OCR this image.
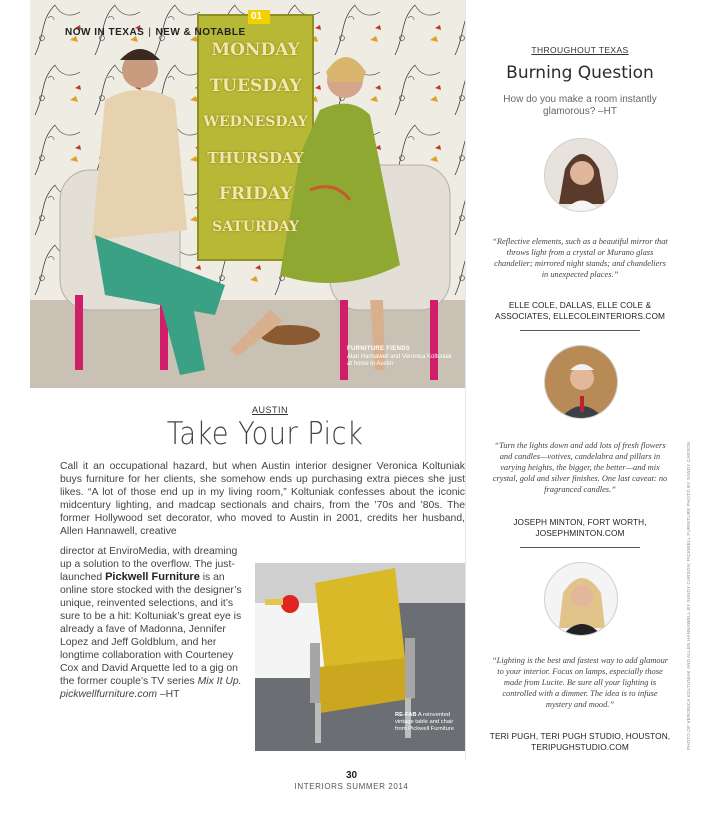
NOW IN TEXAS | NEW & NOTABLE
01
MONDAY
TUESDAY
WEDNESDAY
THURSDAY
FRIDAY
SATURDAY
FURNITURE FIENDS
Alan Hannawell and Veronica Koltuniak at home in Austin
AUSTIN
Take Your Pick

Call it an occupational hazard, but when Austin interior designer Veronica Koltuniak buys furniture for her clients, she somehow ends up purchasing extra pieces she just likes. “A lot of those end up in my living room,” Koltuniak confesses about the iconic midcentury lighting, and madcap sectionals and chairs, from the ’70s and ’80s. The former Hollywood set decorator, who moved to Austin in 2001, credits her husband, Allen Hannawell, creative

director at EnviroMedia, with dreaming up a solution to the overflow. The just-launched Pickwell Furniture is an online store stocked with the designer’s unique, reinvented selections, and it’s sure to be a hit: Koltuniak’s great eye is already a fave of Madonna, Jennifer Lopez and Jeff Goldblum, and her longtime collaboration with Courteney Cox and David Arquette led to a gig on the former couple’s TV series Mix It Up. pickwellfurniture.com –HT

RE-FAB A reinvented vintage table and chair from Pickwell Furniture
30
INTERIORS SUMMER 2014
PHOTO OF VERONICA KOLTUNIAK AND ALLEN HANNAWELL BY SANDY CARSON; PICKWELL FURNITURE PHOTO BY SANDY CARSON
THROUGHOUT TEXAS
Burning Question
How do you make a room instantly glamorous? –HT
“Reflective elements, such as a beautiful mirror that throws light from a crystal or Murano glass chandelier; mirrored night stands; and chandeliers in unexpected places.”
ELLE COLE, DALLAS, ELLE COLE & ASSOCIATES, ELLECOLEINTERIORS.COM
“Turn the lights down and add lots of fresh flowers and candles—votives, candelabra and pillars in varying heights, the bigger, the better—and mix crystal, gold and silver finishes. One last caveat: no fragranced candles.”
JOSEPH MINTON, FORT WORTH, JOSEPHMINTON.COM
“Lighting is the best and fastest way to add glamour to your interior. Focus on lamps, especially those made from Lucite. Be sure all your lighting is controlled with a dimmer. The idea is to infuse mystery and mood.”
TERI PUGH, TERI PUGH STUDIO, HOUSTON, TERIPUGHSTUDIO.COM
